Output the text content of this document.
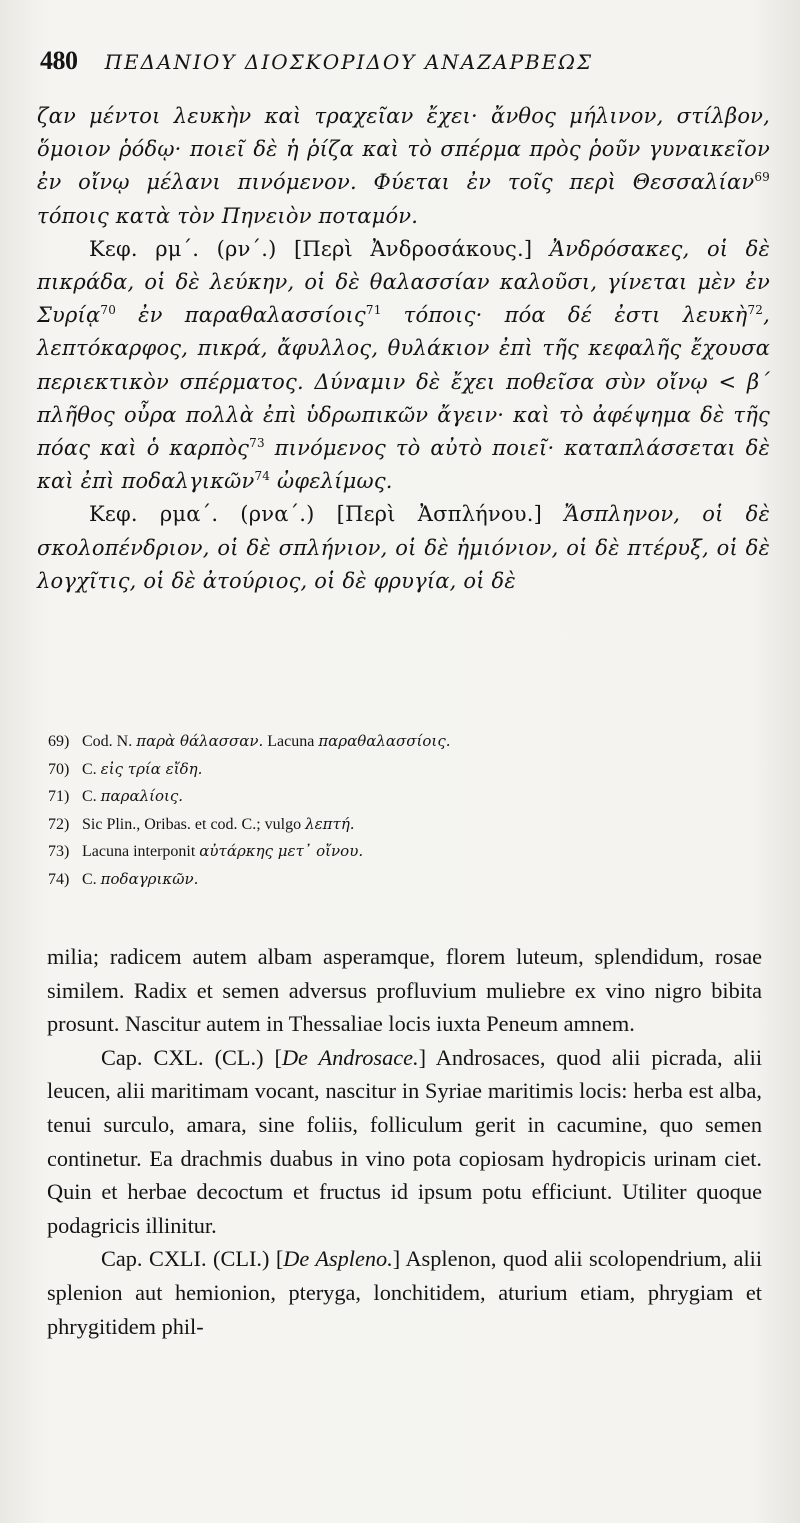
480 ΠΕΔΑΝΙΟΥ ΔΙΟΣΚΟΡΙΔΟΥ ΑΝΑΖΑΡΒΕΩΣ

ζαν μέντοι λευκὴν καὶ τραχεῖαν ἔχει· ἄνθος μήλινον, στίλβον, ὅμοιον ῥόδῳ· ποιεῖ δὲ ἡ ῥίζα καὶ τὸ σπέρμα πρὸς ῥοῦν γυναικεῖον ἐν οἴνῳ μέλανι πινόμενον. Φύεται ἐν τοῖς περὶ Θεσσαλίαν$^{69}$ τόποις κατὰ τὸν Πηνειὸν ποταμόν.

Κεφ. ρμ΄. (ρν΄.) [Περὶ Ἀνδροσάκους.] Ἀνδρόσακες, οἱ δὲ πικράδα, οἱ δὲ λεύκην, οἱ δὲ θαλασσίαν καλοῦσι, γίνεται μὲν ἐν Συρίᾳ$^{70}$ ἐν παραθαλασσίοις$^{71}$ τόποις· πόα δέ ἐστι λευκὴ$^{72}$, λεπτόκαρφος, πικρά, ἄφυλλος, θυλάκιον ἐπὶ τῆς κεφαλῆς ἔχουσα περιεκτικὸν σπέρματος. Δύναμιν δὲ ἔχει ποθεῖσα σὺν οἴνῳ < β΄ πλῆθος οὖρα πολλὰ ἐπὶ ὑδρωπικῶν ἄγειν· καὶ τὸ ἀφέψημα δὲ τῆς πόας καὶ ὁ καρπὸς$^{73}$ πινόμενος τὸ αὐτὸ ποιεῖ· καταπλάσσεται δὲ καὶ ἐπὶ ποδαλγικῶν$^{74}$ ὠφελίμως.

Κεφ. ρμα΄. (ρνα΄.) [Περὶ Ἀσπλήνου.] Ἄσπληνον, οἱ δὲ σκολοπένδριον, οἱ δὲ σπλήνιον, οἱ δὲ ἡμιόνιον, οἱ δὲ πτέρυξ, οἱ δὲ λογχῖτις, οἱ δὲ ἀτούριος, οἱ δὲ φρυγία, οἱ δὲ

69) Cod. N. παρὰ θάλασσαν. Lacuna παραθαλασσίοις.
70) C. εἰς τρία εἴδη.
71) C. παραλίοις.
72) Sic Plin., Oribas. et cod. C.; vulgo λεπτή.
73) Lacuna interponit αὐτάρκης μετ᾽ οἴνου.
74) C. ποδαγρικῶν.

milia; radicem autem albam asperamque, florem luteum, splendidum, rosae similem. Radix et semen adversus profluvium muliebre ex vino nigro bibita prosunt. Nascitur autem in Thessaliae locis iuxta Peneum amnem.

Cap. CXL. (CL.) [De Androsace.] Androsaces, quod alii picrada, alii leucen, alii maritimam vocant, nascitur in Syriae maritimis locis: herba est alba, tenui surculo, amara, sine foliis, folliculum gerit in cacumine, quo semen continetur. Ea drachmis duabus in vino pota copiosam hydropicis urinam ciet. Quin et herbae decoctum et fructus id ipsum potu efficiunt. Utiliter quoque podagricis illinitur.

Cap. CXLI. (CLI.) [De Aspleno.] Asplenon, quod alii scolopendrium, alii splenion aut hemionion, pteryga, lonchitidem, aturium etiam, phrygiam et phrygitidem phil-
